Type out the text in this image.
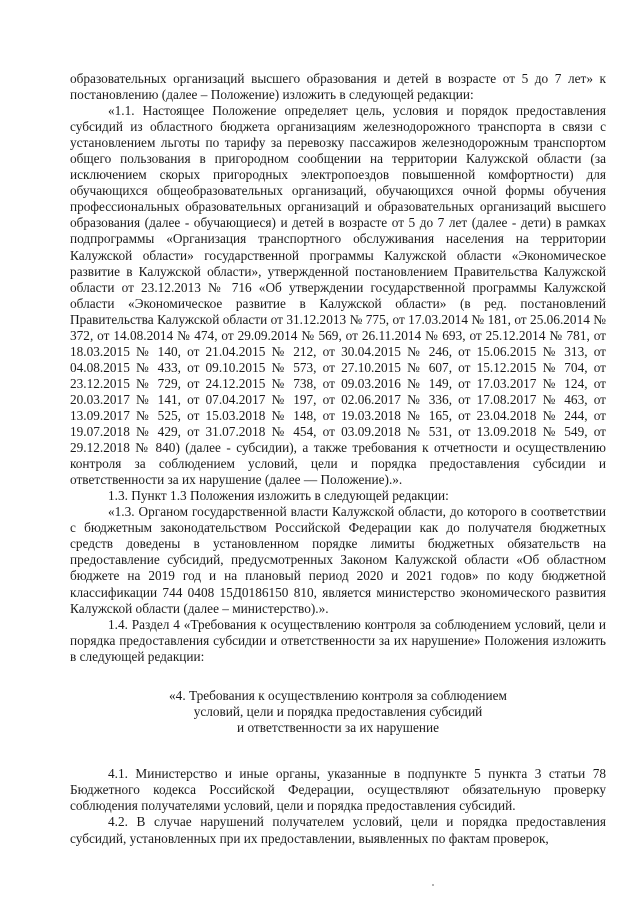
образовательных организаций высшего образования и детей в возрасте от 5 до 7 лет» к постановлению (далее – Положение) изложить в следующей редакции:

«1.1. Настоящее Положение определяет цель, условия и порядок предоставления субсидий из областного бюджета организациям железнодорожного транспорта в связи с установлением льготы по тарифу за перевозку пассажиров железнодорожным транспортом общего пользования в пригородном сообщении на территории Калужской области (за исключением скорых пригородных электропоездов повышенной комфортности) для обучающихся общеобразовательных организаций, обучающихся очной формы обучения профессиональных образовательных организаций и образовательных организаций высшего образования (далее - обучающиеся) и детей в возрасте от 5 до 7 лет (далее - дети) в рамках подпрограммы «Организация транспортного обслуживания населения на территории Калужской области» государственной программы Калужской области «Экономическое развитие в Калужской области», утвержденной постановлением Правительства Калужской области от 23.12.2013 № 716 «Об утверждении государственной программы Калужской области «Экономическое развитие в Калужской области» (в ред. постановлений Правительства Калужской области от 31.12.2013 № 775, от 17.03.2014 № 181, от 25.06.2014 № 372, от 14.08.2014 № 474, от 29.09.2014 № 569, от 26.11.2014 № 693, от 25.12.2014 № 781, от 18.03.2015 № 140, от 21.04.2015 № 212, от 30.04.2015 № 246, от 15.06.2015 № 313, от 04.08.2015 № 433, от 09.10.2015 № 573, от 27.10.2015 № 607, от 15.12.2015 № 704, от 23.12.2015 № 729, от 24.12.2015 № 738, от 09.03.2016 № 149, от 17.03.2017 № 124, от 20.03.2017 № 141, от 07.04.2017 № 197, от 02.06.2017 № 336, от 17.08.2017 № 463, от 13.09.2017 № 525, от 15.03.2018 № 148, от 19.03.2018 № 165, от 23.04.2018 № 244, от 19.07.2018 № 429, от 31.07.2018 № 454, от 03.09.2018 № 531, от 13.09.2018 № 549, от 29.12.2018 № 840) (далее - субсидии), а также требования к отчетности и осуществлению контроля за соблюдением условий, цели и порядка предоставления субсидии и ответственности за их нарушение (далее — Положение).».

1.3. Пункт 1.3 Положения изложить в следующей редакции:

«1.3. Органом государственной власти Калужской области, до которого в соответствии с бюджетным законодательством Российской Федерации как до получателя бюджетных средств доведены в установленном порядке лимиты бюджетных обязательств на предоставление субсидий, предусмотренных Законом Калужской области «Об областном бюджете на 2019 год и на плановый период 2020 и 2021 годов» по коду бюджетной классификации 744 0408 15Д0186150 810, является министерство экономического развития Калужской области (далее – министерство).».

1.4. Раздел 4 «Требования к осуществлению контроля за соблюдением условий, цели и порядка предоставления субсидии и ответственности за их нарушение» Положения изложить в следующей редакции:

«4. Требования к осуществлению контроля за соблюдением

условий, цели и порядка предоставления субсидий

и ответственности за их нарушение

4.1. Министерство и иные органы, указанные в подпункте 5 пункта 3 статьи 78 Бюджетного кодекса Российской Федерации, осуществляют обязательную проверку соблюдения получателями условий, цели и порядка предоставления субсидий.

4.2. В случае нарушений получателем условий, цели и порядка предоставления субсидий, установленных при их предоставлении, выявленных по фактам проверок,
